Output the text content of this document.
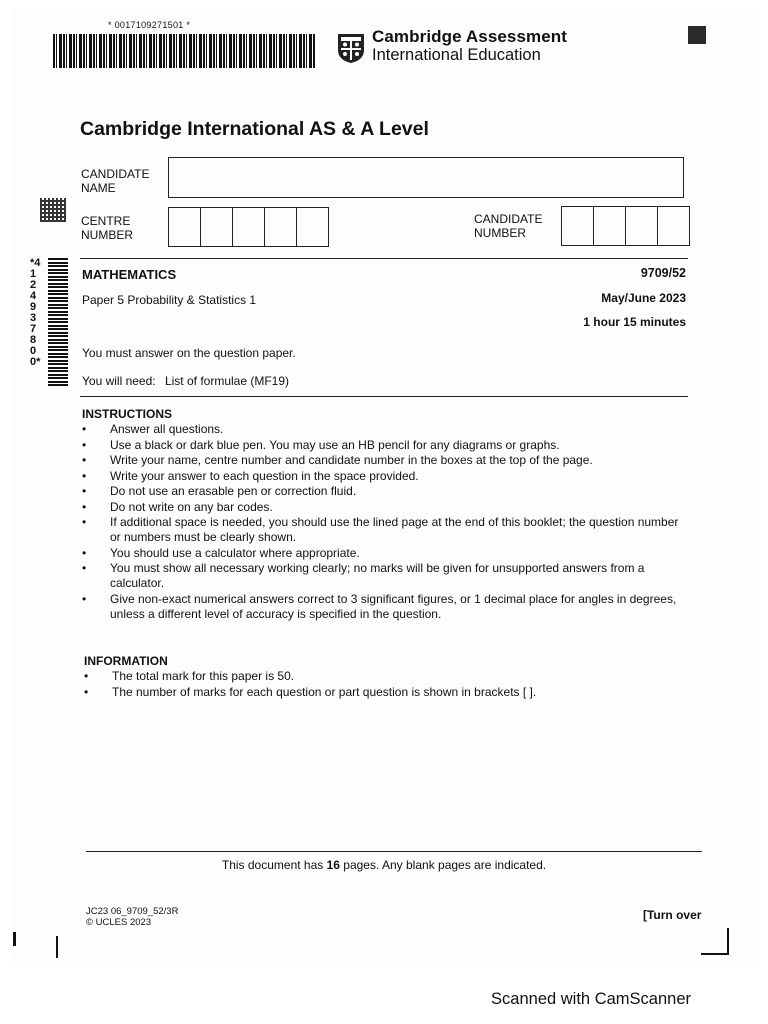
* 0017109271501 *
Cambridge Assessment
International Education
Cambridge International AS & A Level
CANDIDATE NAME
CENTRE NUMBER
CANDIDATE NUMBER
*4124937800*
MATHEMATICS	9709/52
Paper 5 Probability & Statistics 1	May/June 2023
1 hour 15 minutes
You must answer on the question paper.
You will need: List of formulae (MF19)
INSTRUCTIONS
• Answer all questions.
• Use a black or dark blue pen. You may use an HB pencil for any diagrams or graphs.
• Write your name, centre number and candidate number in the boxes at the top of the page.
• Write your answer to each question in the space provided.
• Do not use an erasable pen or correction fluid.
• Do not write on any bar codes.
• If additional space is needed, you should use the lined page at the end of this booklet; the question number or numbers must be clearly shown.
• You should use a calculator where appropriate.
• You must show all necessary working clearly; no marks will be given for unsupported answers from a calculator.
• Give non-exact numerical answers correct to 3 significant figures, or 1 decimal place for angles in degrees, unless a different level of accuracy is specified in the question.
INFORMATION
• The total mark for this paper is 50.
• The number of marks for each question or part question is shown in brackets [ ].
This document has 16 pages. Any blank pages are indicated.
JC23 06_9709_52/3R
© UCLES 2023
[Turn over
Scanned with CamScanner
